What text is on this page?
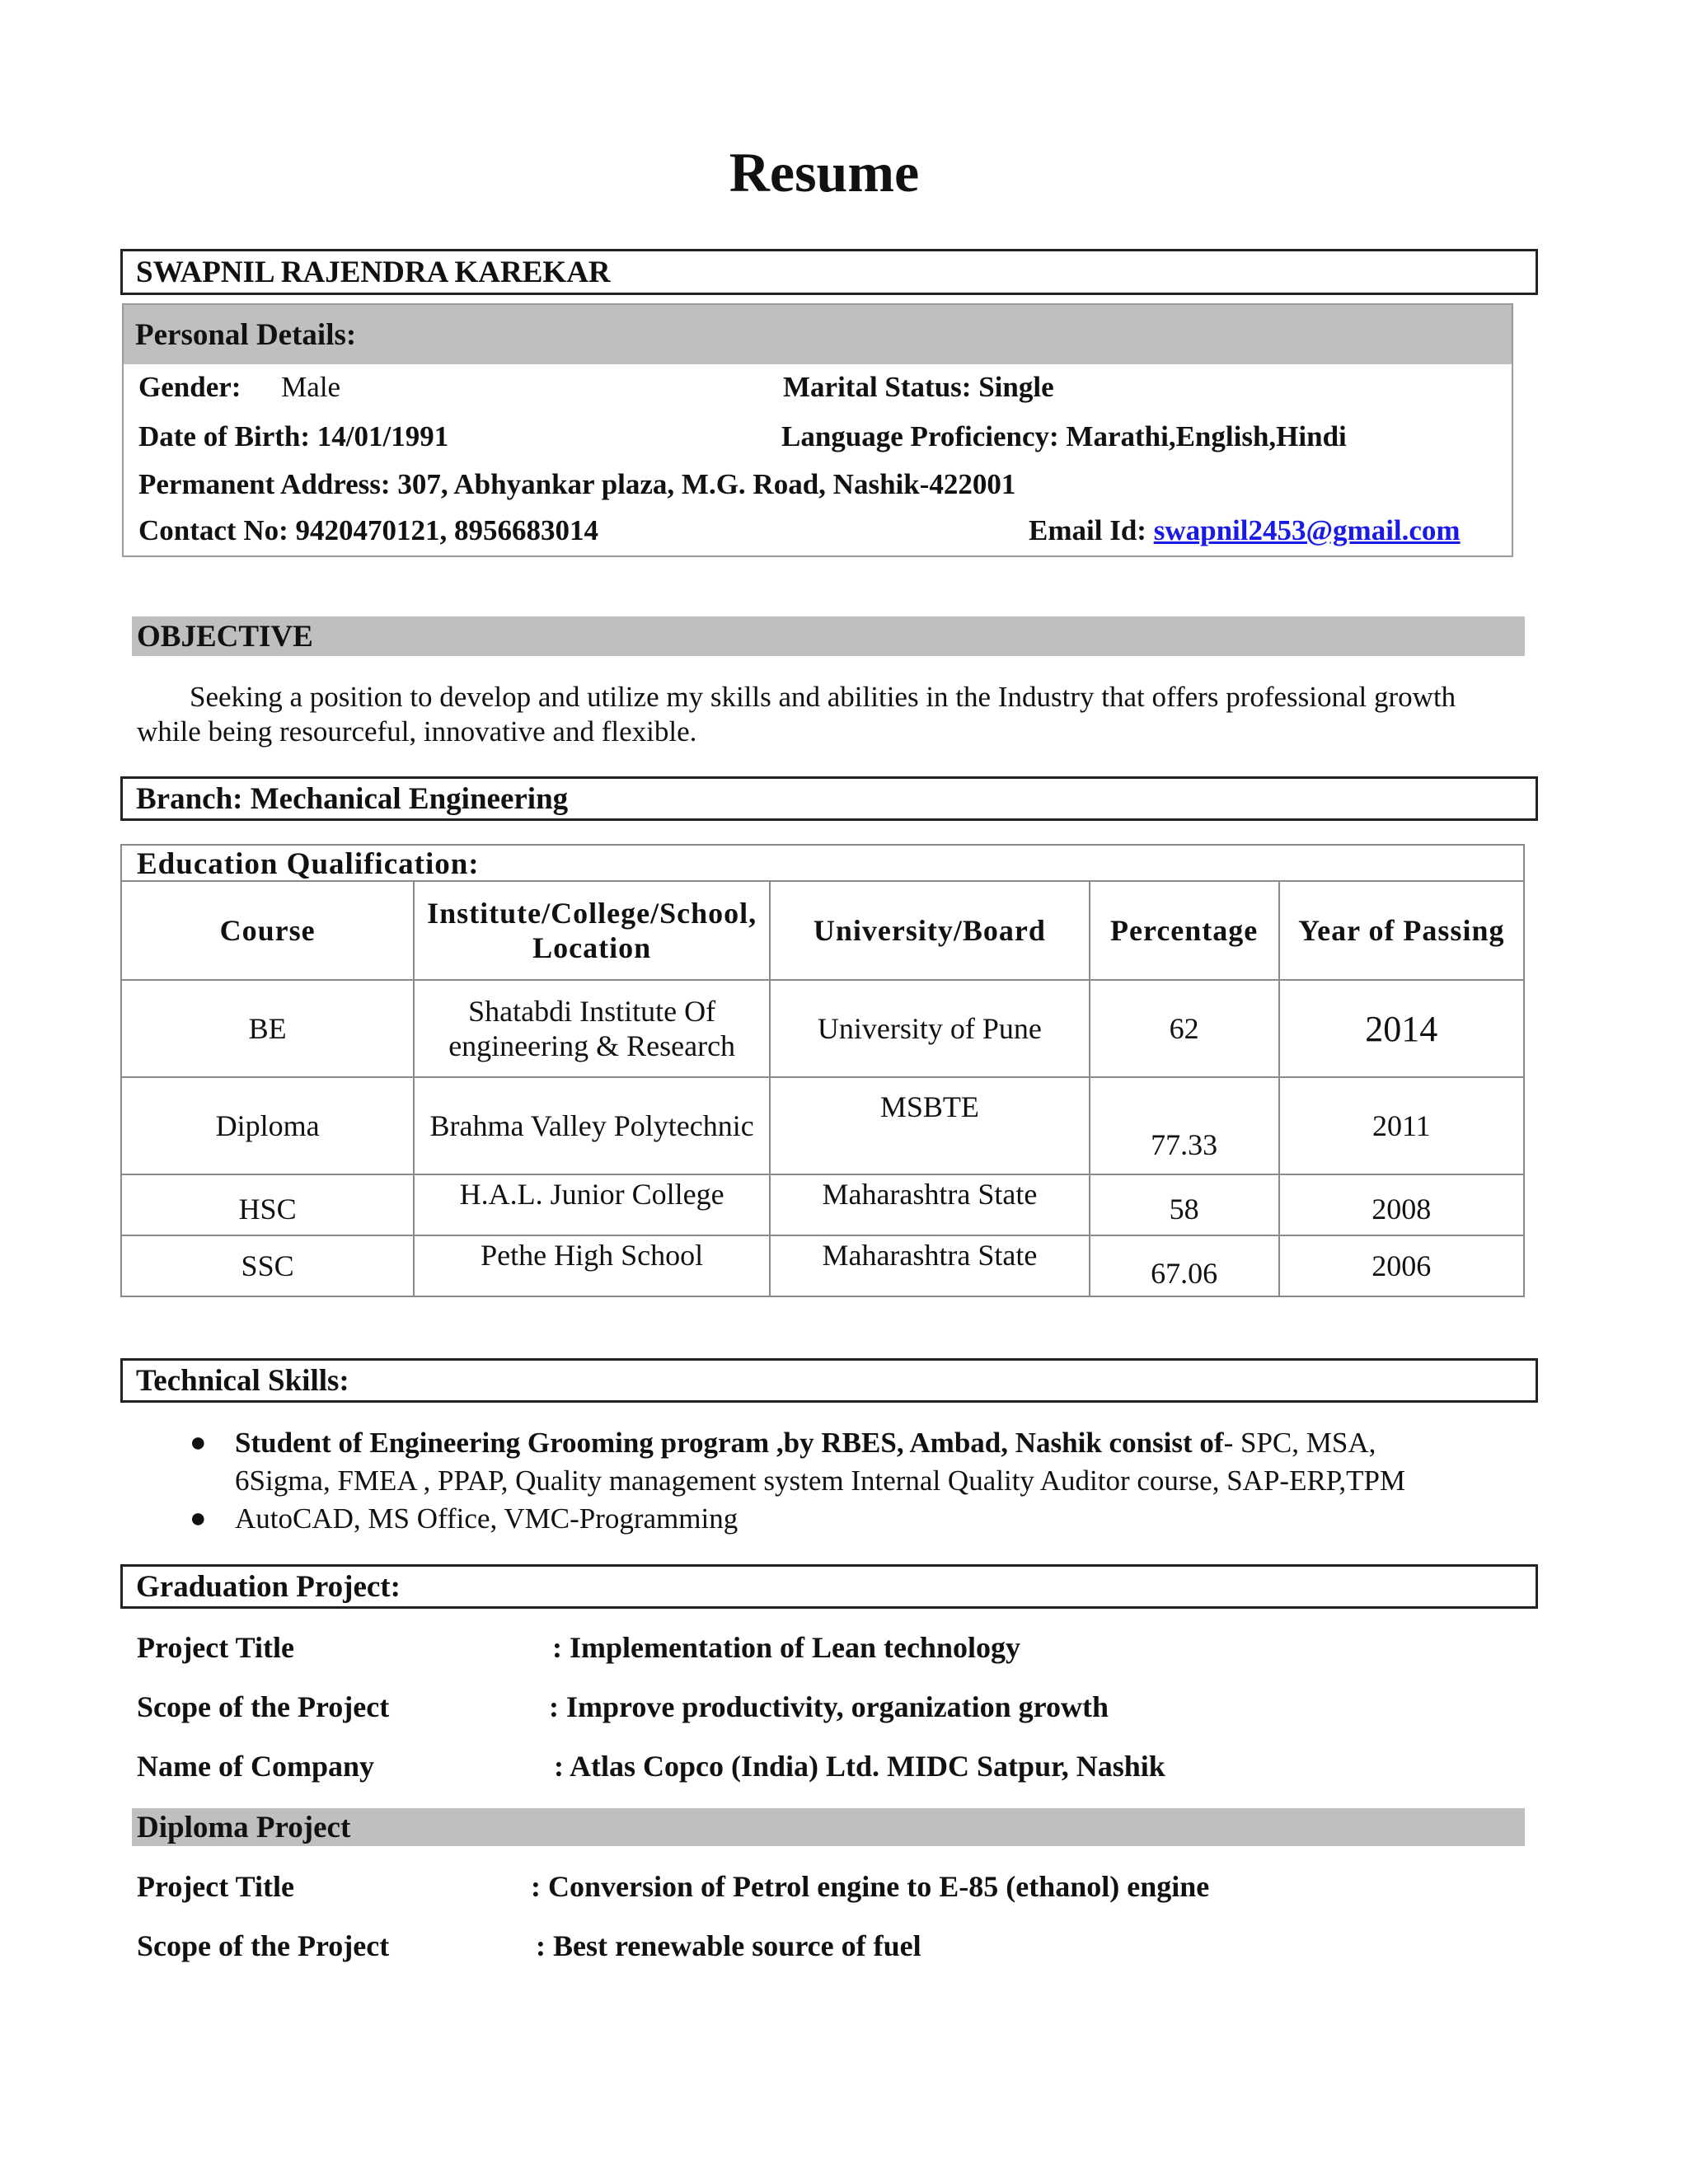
Resume
SWAPNIL RAJENDRA KAREKAR
Personal Details:
Gender: Male	Marital Status: Single
Date of Birth: 14/01/1991	Language Proficiency: Marathi,English,Hindi
Permanent Address: 307, Abhyankar plaza, M.G. Road, Nashik-422001
Contact No: 9420470121, 8956683014	Email Id: swapnil2453@gmail.com
OBJECTIVE
Seeking a position to develop and utilize my skills and abilities in the Industry that offers professional growth
while being resourceful, innovative and flexible.
Branch: Mechanical Engineering
Education Qualification:
Course	Institute/College/School, Location	University/Board	Percentage	Year of Passing
BE	Shatabdi Institute Of engineering & Research	University of Pune	62	2014
Diploma	Brahma Valley Polytechnic	MSBTE	77.33	2011
HSC	H.A.L. Junior College	Maharashtra State	58	2008
SSC	Pethe High School	Maharashtra State	67.06	2006
Technical Skills:
● Student of Engineering Grooming program ,by RBES, Ambad, Nashik consist of- SPC, MSA,
6Sigma, FMEA , PPAP, Quality management system Internal Quality Auditor course, SAP-ERP,TPM
● AutoCAD, MS Office, VMC-Programming
Graduation Project:
Project Title	: Implementation of Lean technology
Scope of the Project	: Improve productivity, organization growth
Name of Company	: Atlas Copco (India) Ltd. MIDC Satpur, Nashik
Diploma Project
Project Title	: Conversion of Petrol engine to E-85 (ethanol) engine
Scope of the Project	: Best renewable source of fuel
